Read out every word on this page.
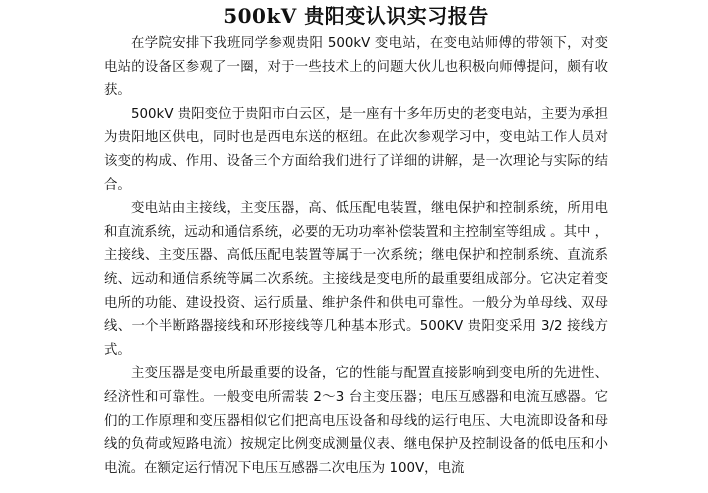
500kV 贵阳变认识实习报告

在学院安排下我班同学参观贵阳 500kV 变电站，在变电站师傅的带领下，对变电站的设备区参观了一圈，对于一些技术上的问题大伙儿也积极向师傅提问，颇有收获。

500kV 贵阳变位于贵阳市白云区，是一座有十多年历史的老变电站，主要为承担为贵阳地区供电，同时也是西电东送的枢纽。在此次参观学习中，变电站工作人员对该变的构成、作用、设备三个方面给我们进行了详细的讲解，是一次理论与实际的结合。

变电站由主接线，主变压器，高、低压配电装置，继电保护和控制系统，所用电和直流系统，远动和通信系统，必要的无功功率补偿装置和主控制室等组成 。其中 ，主接线、主变压器、高低压配电装置等属于一次系统；继电保护和控制系统、直流系统、远动和通信系统等属二次系统。主接线是变电所的最重要组成部分。它决定着变电所的功能、建设投资、运行质量、维护条件和供电可靠性。一般分为单母线、双母线、一个半断路器接线和环形接线等几种基本形式。500KV 贵阳变采用 3/2 接线方式。

主变压器是变电所最重要的设备，它的性能与配置直接影响到变电所的先进性、经济性和可靠性。一般变电所需装 2～3 台主变压器；电压互感器和电流互感器。它们的工作原理和变压器相似它们把高电压设备和母线的运行电压、大电流即设备和母线的负荷或短路电流）按规定比例变成测量仪表、继电保护及控制设备的低电压和小电流。在额定运行情况下电压互感器二次电压为 100V，电流
